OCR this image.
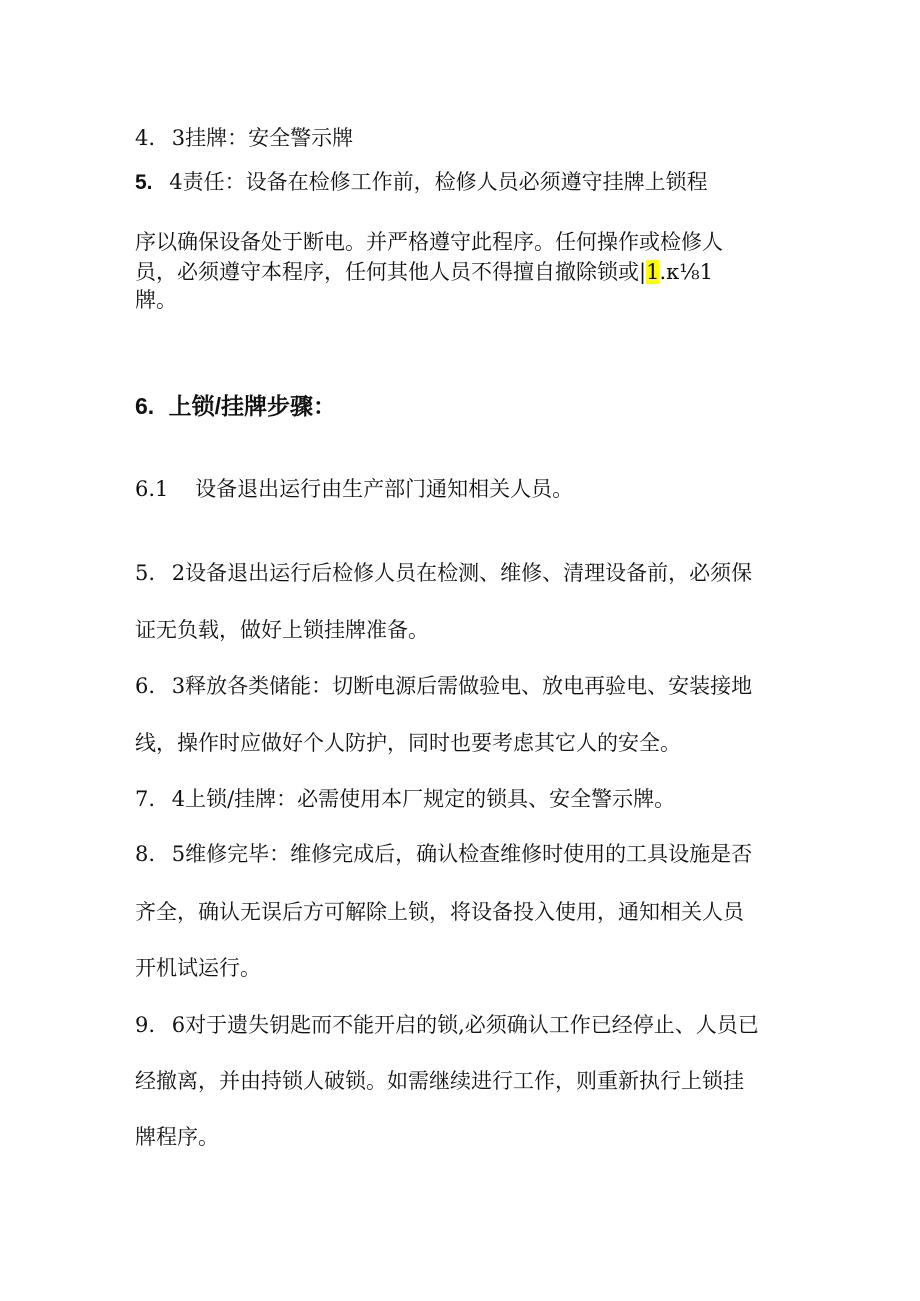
4. 3挂牌：安全警示牌
5. 4责任：设备在检修工作前，检修人员必须遵守挂牌上锁程
序以确保设备处于断电。并严格遵守此程序。任何操作或检修人
员，必须遵守本程序，任何其他人员不得擅自撤除锁或|1.κ⅛1
牌。
6. 上锁/挂牌步骤：
6.1 设备退出运行由生产部门通知相关人员。
5. 2设备退出运行后检修人员在检测、维修、清理设备前，必须保
证无负载，做好上锁挂牌准备。
6. 3释放各类储能：切断电源后需做验电、放电再验电、安装接地
线，操作时应做好个人防护，同时也要考虑其它人的安全。
7. 4上锁/挂牌：必需使用本厂规定的锁具、安全警示牌。
8. 5维修完毕：维修完成后，确认检查维修时使用的工具设施是否
齐全，确认无误后方可解除上锁，将设备投入使用，通知相关人员
开机试运行。
9. 6对于遗失钥匙而不能开启的锁,必须确认工作已经停止、人员已
经撤离，并由持锁人破锁。如需继续进行工作，则重新执行上锁挂
牌程序。
